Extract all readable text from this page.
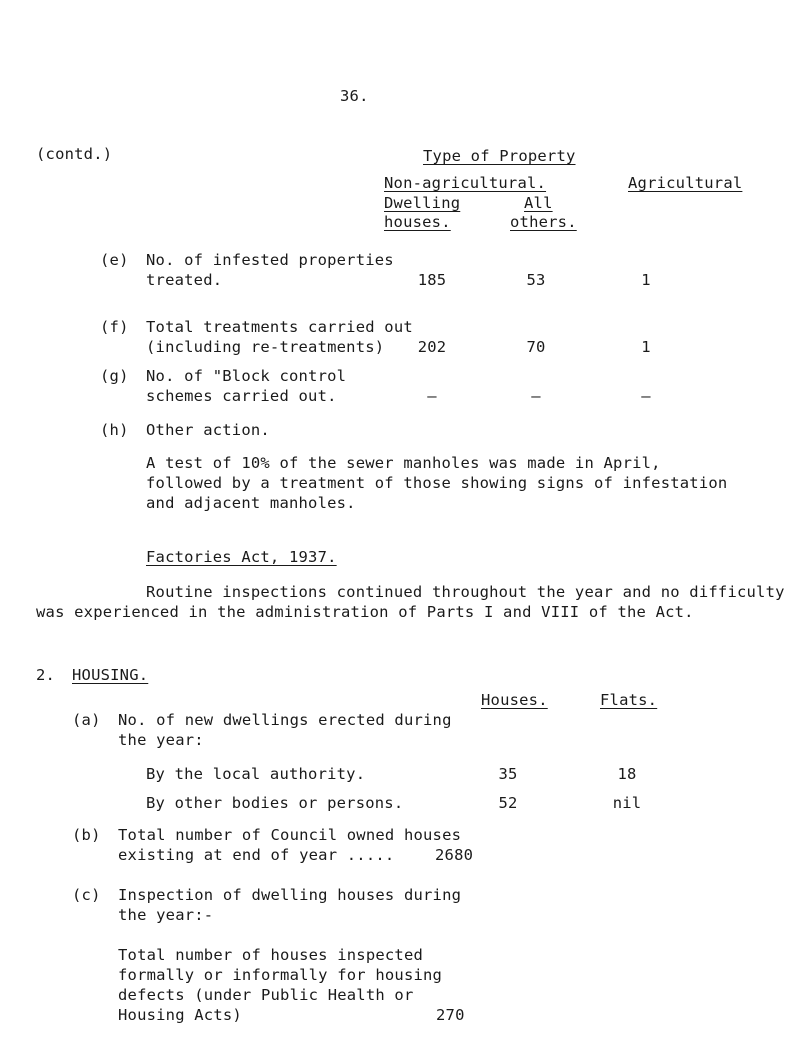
36.
(contd.)	Type of Property
Non-agricultural.	Agricultural
Dwelling	All
houses.	others.
(e) No. of infested properties
treated.	185	53	1
(f) Total treatments carried out
(including re-treatments) 202	70	1
(g) No. of "Block control
schemes carried out.	–	–	–
(h) Other action.
A test of 10% of the sewer manholes was made in April,
followed by a treatment of those showing signs of infestation
and adjacent manholes.
Factories Act, 1937.
Routine inspections continued throughout the year and no difficulty
was experienced in the administration of Parts I and VIII of the Act.
2. HOUSING.
Houses.	Flats.
(a) No. of new dwellings erected during
the year:
By the local authority.	35	18
By other bodies or persons.	52	nil
(b) Total number of Council owned houses
existing at end of year .....	2680
(c) Inspection of dwelling houses during
the year:-
Total number of houses inspected
formally or informally for housing
defects (under Public Health or
Housing Acts)	270
